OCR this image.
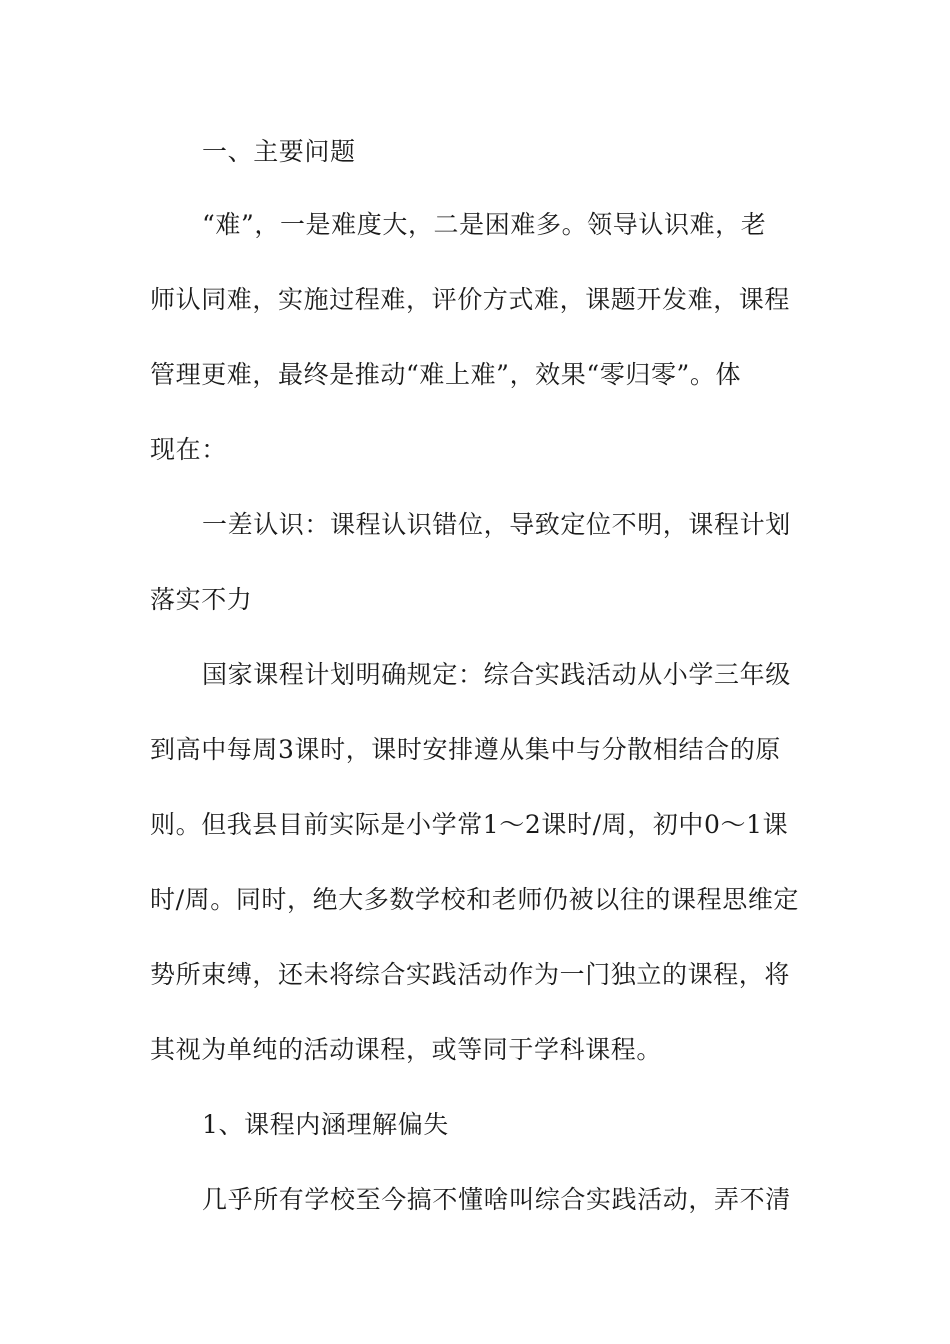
一、主要问题
“难”，一是难度大，二是困难多。领导认识难，老
师认同难，实施过程难，评价方式难，课题开发难，课程
管理更难，最终是推动“难上难”，效果“零归零”。体
现在：
一差认识：课程认识错位，导致定位不明，课程计划
落实不力
国家课程计划明确规定：综合实践活动从小学三年级
到高中每周3课时，课时安排遵从集中与分散相结合的原
则。但我县目前实际是小学常1～2课时/周，初中0～1课
时/周。同时，绝大多数学校和老师仍被以往的课程思维定
势所束缚，还未将综合实践活动作为一门独立的课程，将
其视为单纯的活动课程，或等同于学科课程。
1、课程内涵理解偏失
几乎所有学校至今搞不懂啥叫综合实践活动，弄不清
